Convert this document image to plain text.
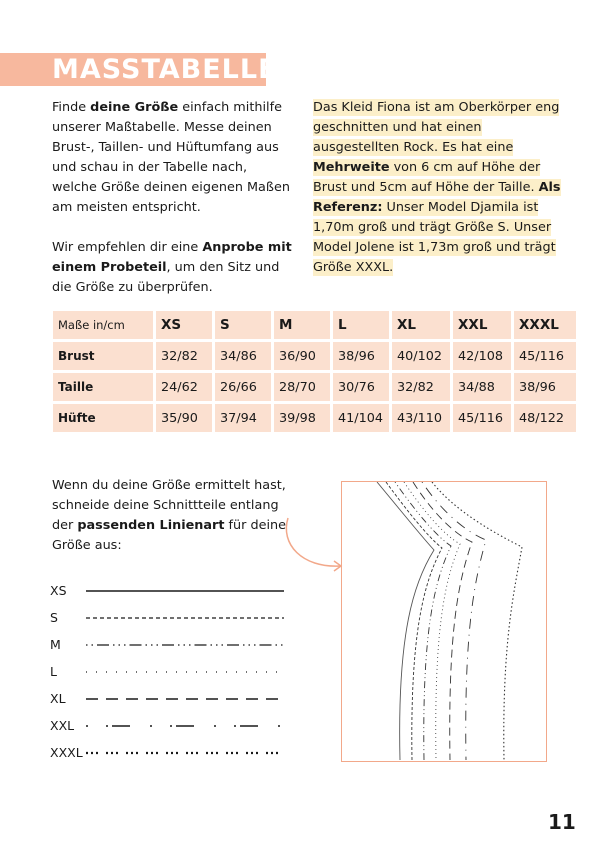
MASSTABELLE

Finde deine Größe einfach mithilfe unserer Maßtabelle. Messe deinen Brust-, Taillen- und Hüftumfang aus und schau in der Tabelle nach, welche Größe deinen eigenen Maßen am meisten entspricht.

Wir empfehlen dir eine Anprobe mit einem Probeteil, um den Sitz und die Größe zu überprüfen.

Das Kleid Fiona ist am Oberkörper eng geschnitten und hat einen ausgestellten Rock. Es hat eine Mehrweite von 6 cm auf Höhe der Brust und 5cm auf Höhe der Taille. Als Referenz: Unser Model Djamila ist 1,70m groß und trägt Größe S. Unser Model Jolene ist 1,73m groß und trägt Größe XXXL.

Maße in/cm	XS	S	M	L	XL	XXL	XXXL
Brust	32/82	34/86	36/90	38/96	40/102	42/108	45/116
Taille	24/62	26/66	28/70	30/76	32/82	34/88	38/96
Hüfte	35/90	37/94	39/98	41/104	43/110	45/116	48/122

Wenn du deine Größe ermittelt hast, schneide deine Schnittteile entlang der passenden Linienart für deine Größe aus:

XS
S
M
L
XL
XXL
XXXL
11
